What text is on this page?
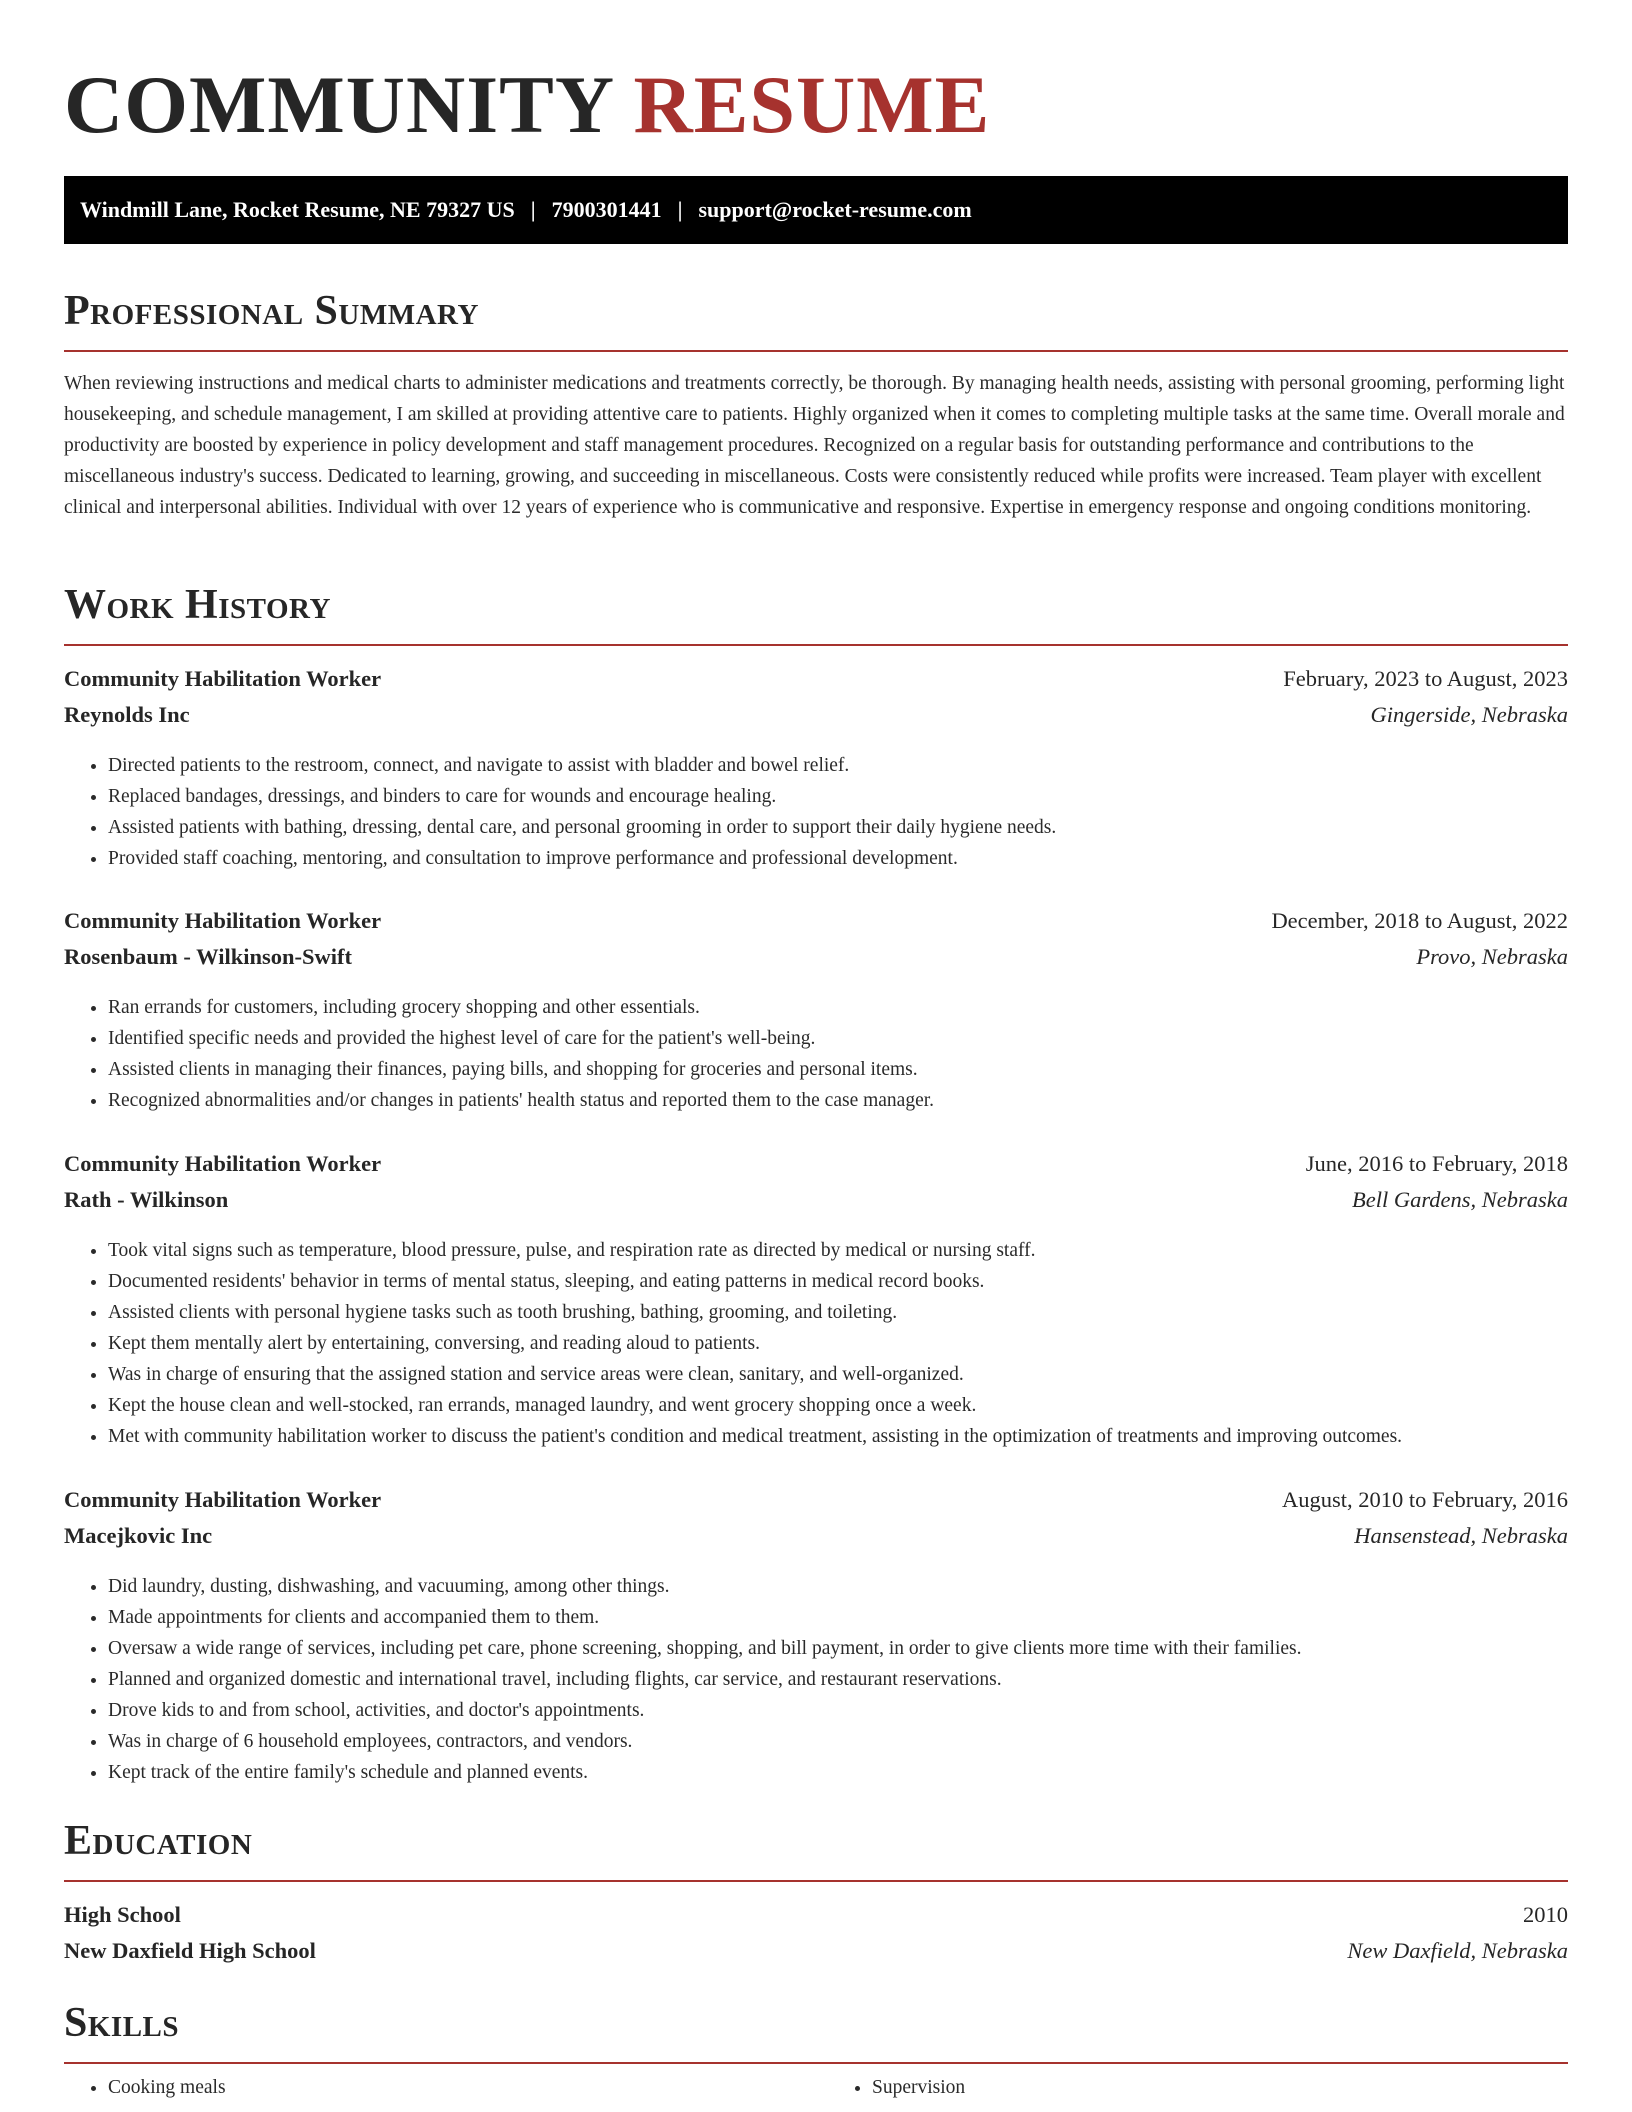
COMMUNITY RESUME
Windmill Lane, Rocket Resume, NE 79327 US | 7900301441 | support@rocket-resume.com
Professional Summary
When reviewing instructions and medical charts to administer medications and treatments correctly, be thorough. By managing health needs, assisting with personal grooming, performing light housekeeping, and schedule management, I am skilled at providing attentive care to patients. Highly organized when it comes to completing multiple tasks at the same time. Overall morale and productivity are boosted by experience in policy development and staff management procedures. Recognized on a regular basis for outstanding performance and contributions to the miscellaneous industry's success. Dedicated to learning, growing, and succeeding in miscellaneous. Costs were consistently reduced while profits were increased. Team player with excellent clinical and interpersonal abilities. Individual with over 12 years of experience who is communicative and responsive. Expertise in emergency response and ongoing conditions monitoring.
Work History
Community Habilitation Worker	February, 2023 to August, 2023
Reynolds Inc	Gingerside, Nebraska
• Directed patients to the restroom, connect, and navigate to assist with bladder and bowel relief.
• Replaced bandages, dressings, and binders to care for wounds and encourage healing.
• Assisted patients with bathing, dressing, dental care, and personal grooming in order to support their daily hygiene needs.
• Provided staff coaching, mentoring, and consultation to improve performance and professional development.
Community Habilitation Worker	December, 2018 to August, 2022
Rosenbaum - Wilkinson-Swift	Provo, Nebraska
• Ran errands for customers, including grocery shopping and other essentials.
• Identified specific needs and provided the highest level of care for the patient's well-being.
• Assisted clients in managing their finances, paying bills, and shopping for groceries and personal items.
• Recognized abnormalities and/or changes in patients' health status and reported them to the case manager.
Community Habilitation Worker	June, 2016 to February, 2018
Rath - Wilkinson	Bell Gardens, Nebraska
• Took vital signs such as temperature, blood pressure, pulse, and respiration rate as directed by medical or nursing staff.
• Documented residents' behavior in terms of mental status, sleeping, and eating patterns in medical record books.
• Assisted clients with personal hygiene tasks such as tooth brushing, bathing, grooming, and toileting.
• Kept them mentally alert by entertaining, conversing, and reading aloud to patients.
• Was in charge of ensuring that the assigned station and service areas were clean, sanitary, and well-organized.
• Kept the house clean and well-stocked, ran errands, managed laundry, and went grocery shopping once a week.
• Met with community habilitation worker to discuss the patient's condition and medical treatment, assisting in the optimization of treatments and improving outcomes.
Community Habilitation Worker	August, 2010 to February, 2016
Macejkovic Inc	Hansenstead, Nebraska
• Did laundry, dusting, dishwashing, and vacuuming, among other things.
• Made appointments for clients and accompanied them to them.
• Oversaw a wide range of services, including pet care, phone screening, shopping, and bill payment, in order to give clients more time with their families.
• Planned and organized domestic and international travel, including flights, car service, and restaurant reservations.
• Drove kids to and from school, activities, and doctor's appointments.
• Was in charge of 6 household employees, contractors, and vendors.
• Kept track of the entire family's schedule and planned events.
Education
High School	2010
New Daxfield High School	New Daxfield, Nebraska
Skills
• Cooking meals
•	Supervision
